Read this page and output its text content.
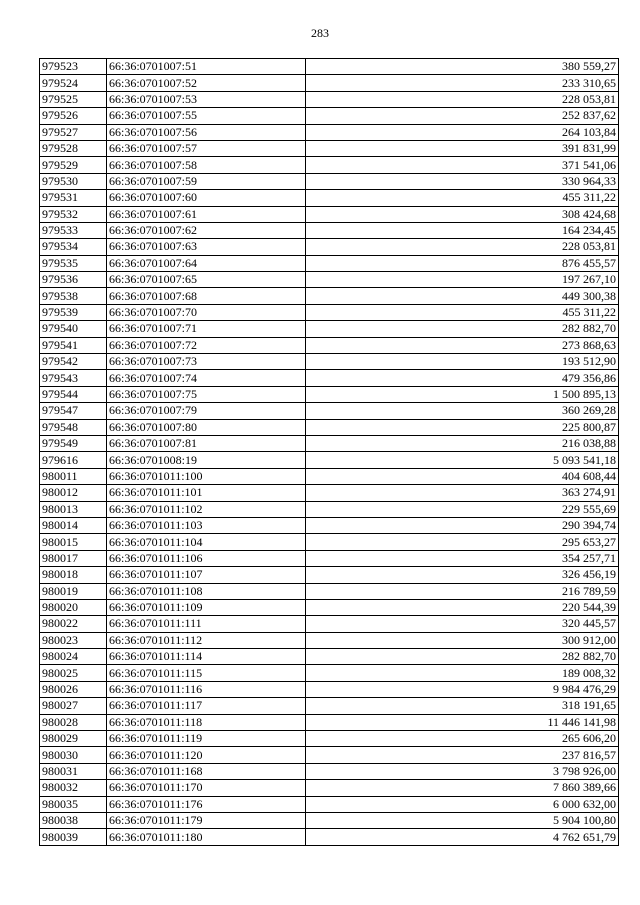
283
979523	66:36:0701007:51	380 559,27
979524	66:36:0701007:52	233 310,65
979525	66:36:0701007:53	228 053,81
979526	66:36:0701007:55	252 837,62
979527	66:36:0701007:56	264 103,84
979528	66:36:0701007:57	391 831,99
979529	66:36:0701007:58	371 541,06
979530	66:36:0701007:59	330 964,33
979531	66:36:0701007:60	455 311,22
979532	66:36:0701007:61	308 424,68
979533	66:36:0701007:62	164 234,45
979534	66:36:0701007:63	228 053,81
979535	66:36:0701007:64	876 455,57
979536	66:36:0701007:65	197 267,10
979538	66:36:0701007:68	449 300,38
979539	66:36:0701007:70	455 311,22
979540	66:36:0701007:71	282 882,70
979541	66:36:0701007:72	273 868,63
979542	66:36:0701007:73	193 512,90
979543	66:36:0701007:74	479 356,86
979544	66:36:0701007:75	1 500 895,13
979547	66:36:0701007:79	360 269,28
979548	66:36:0701007:80	225 800,87
979549	66:36:0701007:81	216 038,88
979616	66:36:0701008:19	5 093 541,18
980011	66:36:0701011:100	404 608,44
980012	66:36:0701011:101	363 274,91
980013	66:36:0701011:102	229 555,69
980014	66:36:0701011:103	290 394,74
980015	66:36:0701011:104	295 653,27
980017	66:36:0701011:106	354 257,71
980018	66:36:0701011:107	326 456,19
980019	66:36:0701011:108	216 789,59
980020	66:36:0701011:109	220 544,39
980022	66:36:0701011:111	320 445,57
980023	66:36:0701011:112	300 912,00
980024	66:36:0701011:114	282 882,70
980025	66:36:0701011:115	189 008,32
980026	66:36:0701011:116	9 984 476,29
980027	66:36:0701011:117	318 191,65
980028	66:36:0701011:118	11 446 141,98
980029	66:36:0701011:119	265 606,20
980030	66:36:0701011:120	237 816,57
980031	66:36:0701011:168	3 798 926,00
980032	66:36:0701011:170	7 860 389,66
980035	66:36:0701011:176	6 000 632,00
980038	66:36:0701011:179	5 904 100,80
980039	66:36:0701011:180	4 762 651,79
